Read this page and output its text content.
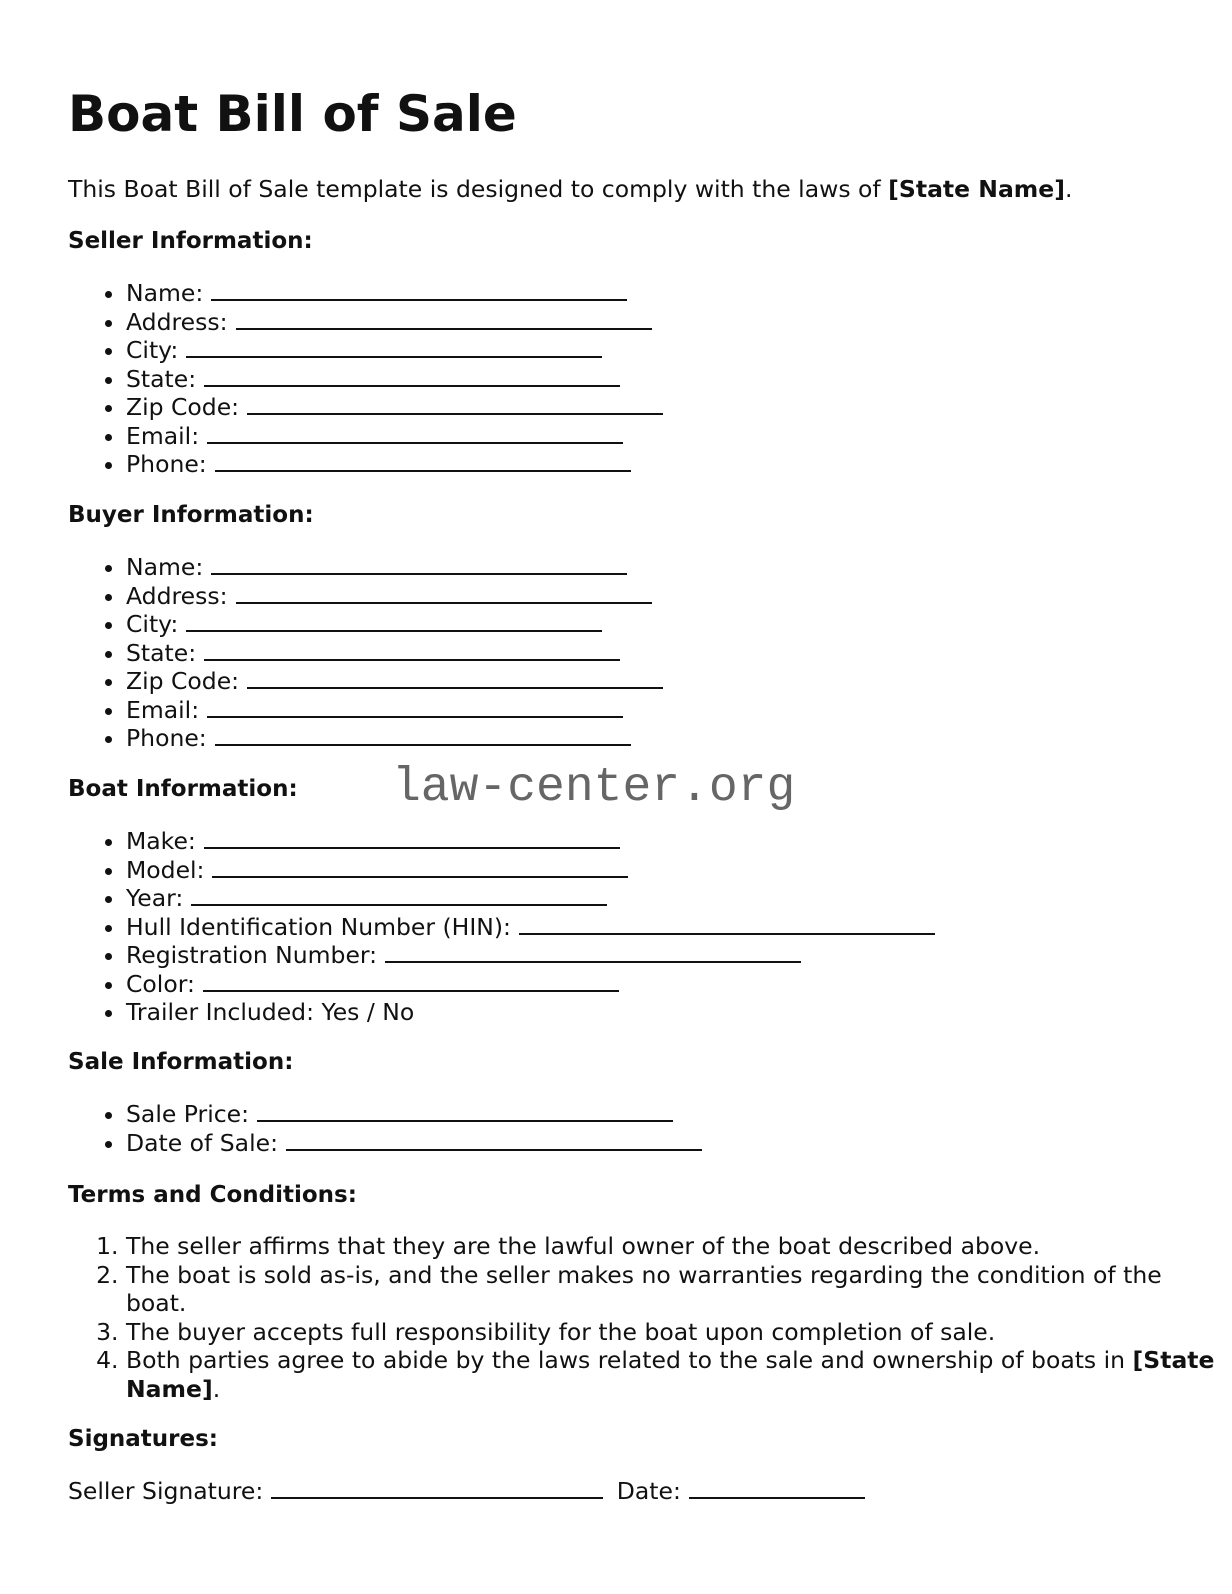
Boat Bill of Sale

This Boat Bill of Sale template is designed to comply with the laws of [State Name].

Seller Information:
• Name:
• Address:
• City:
• State:
• Zip Code:
• Email:
• Phone:
Buyer Information:
• Name:
• Address:
• City:
• State:
• Zip Code:
• Email:
• Phone:
Boat Information:
• Make:
• Model:
• Year:
• Hull Identification Number (HIN):
• Registration Number:
• Color:
• Trailer Included: Yes / No
Sale Information:
• Sale Price:
• Date of Sale:
Terms and Conditions:
1. The seller affirms that they are the lawful owner of the boat described above.
2. The boat is sold as-is, and the seller makes no warranties regarding the condition of the boat.
3. The buyer accepts full responsibility for the boat upon completion of sale.
4. Both parties agree to abide by the laws related to the sale and ownership of boats in [State Name].
Signatures:

Seller Signature:	Date:

law-center.org
